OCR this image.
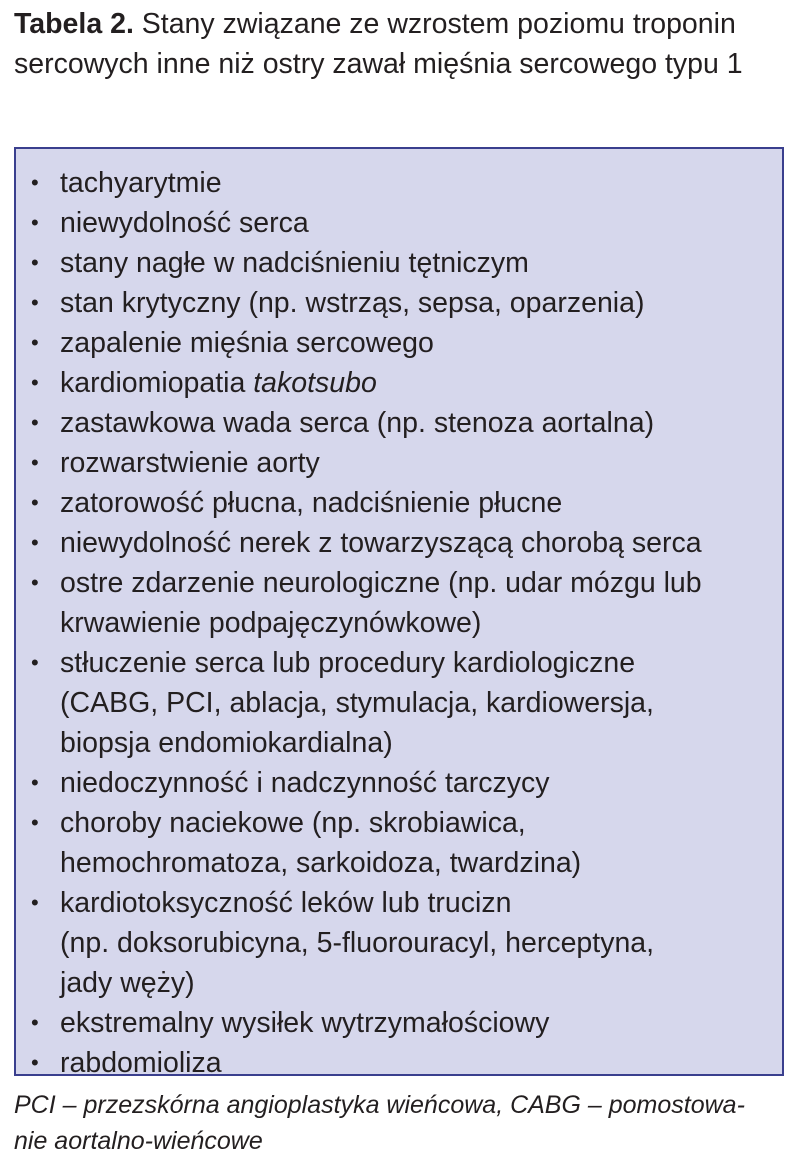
Tabela 2. Stany związane ze wzrostem poziomu troponin sercowych inne niż ostry zawał mięśnia sercowego typu 1
• tachyarytmie
• niewydolność serca
• stany nagłe w nadciśnieniu tętniczym
• stan krytyczny (np. wstrząs, sepsa, oparzenia)
• zapalenie mięśnia sercowego
• kardiomiopatia takotsubo
• zastawkowa wada serca (np. stenoza aortalna)
• rozwarstwienie aorty
• zatorowość płucna, nadciśnienie płucne
• niewydolność nerek z towarzyszącą chorobą serca
• ostre zdarzenie neurologiczne (np. udar mózgu lub
krwawienie podpajęczynówkowe)
• stłuczenie serca lub procedury kardiologiczne
(CABG, PCI, ablacja, stymulacja, kardiowersja,
biopsja endomiokardialna)
• niedoczynność i nadczynność tarczycy
• choroby naciekowe (np. skrobiawica,
hemochromatoza, sarkoidoza, twardzina)
• kardiotoksyczność leków lub trucizn
(np. doksorubicyna, 5-fluorouracyl, herceptyna,
jady węży)
• ekstremalny wysiłek wytrzymałościowy
• rabdomioliza
PCI – przezskórna angioplastyka wieńcowa, CABG – pomostowa-
nie aortalno-wieńcowe
